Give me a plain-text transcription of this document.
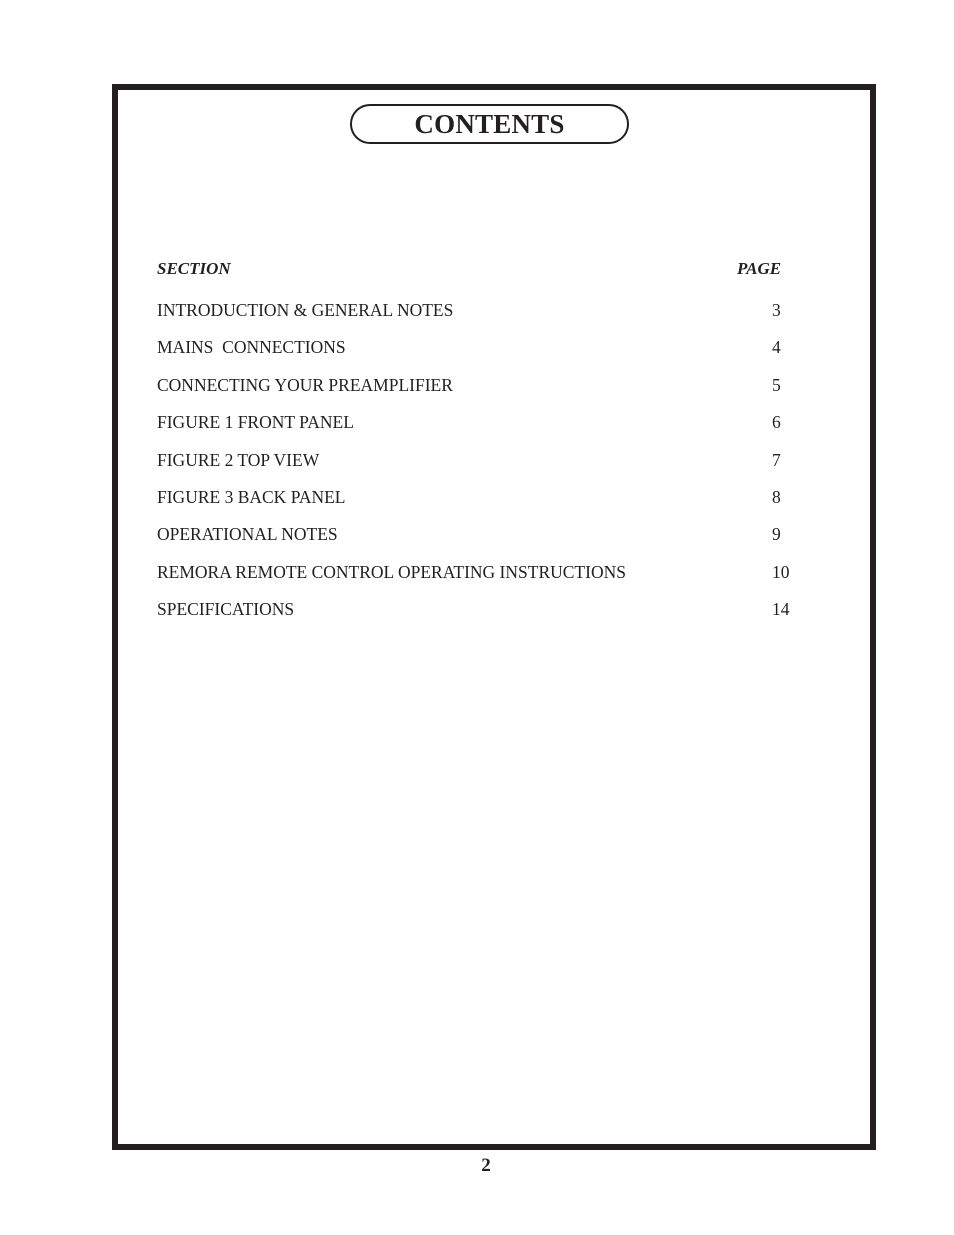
CONTENTS
SECTION	PAGE
INTRODUCTION & GENERAL NOTES	3
MAINS  CONNECTIONS	4
CONNECTING YOUR PREAMPLIFIER	5
FIGURE 1 FRONT PANEL	6
FIGURE 2 TOP VIEW	7
FIGURE 3 BACK PANEL	8
OPERATIONAL NOTES	9
REMORA REMOTE CONTROL OPERATING INSTRUCTIONS	10
SPECIFICATIONS	14
2
